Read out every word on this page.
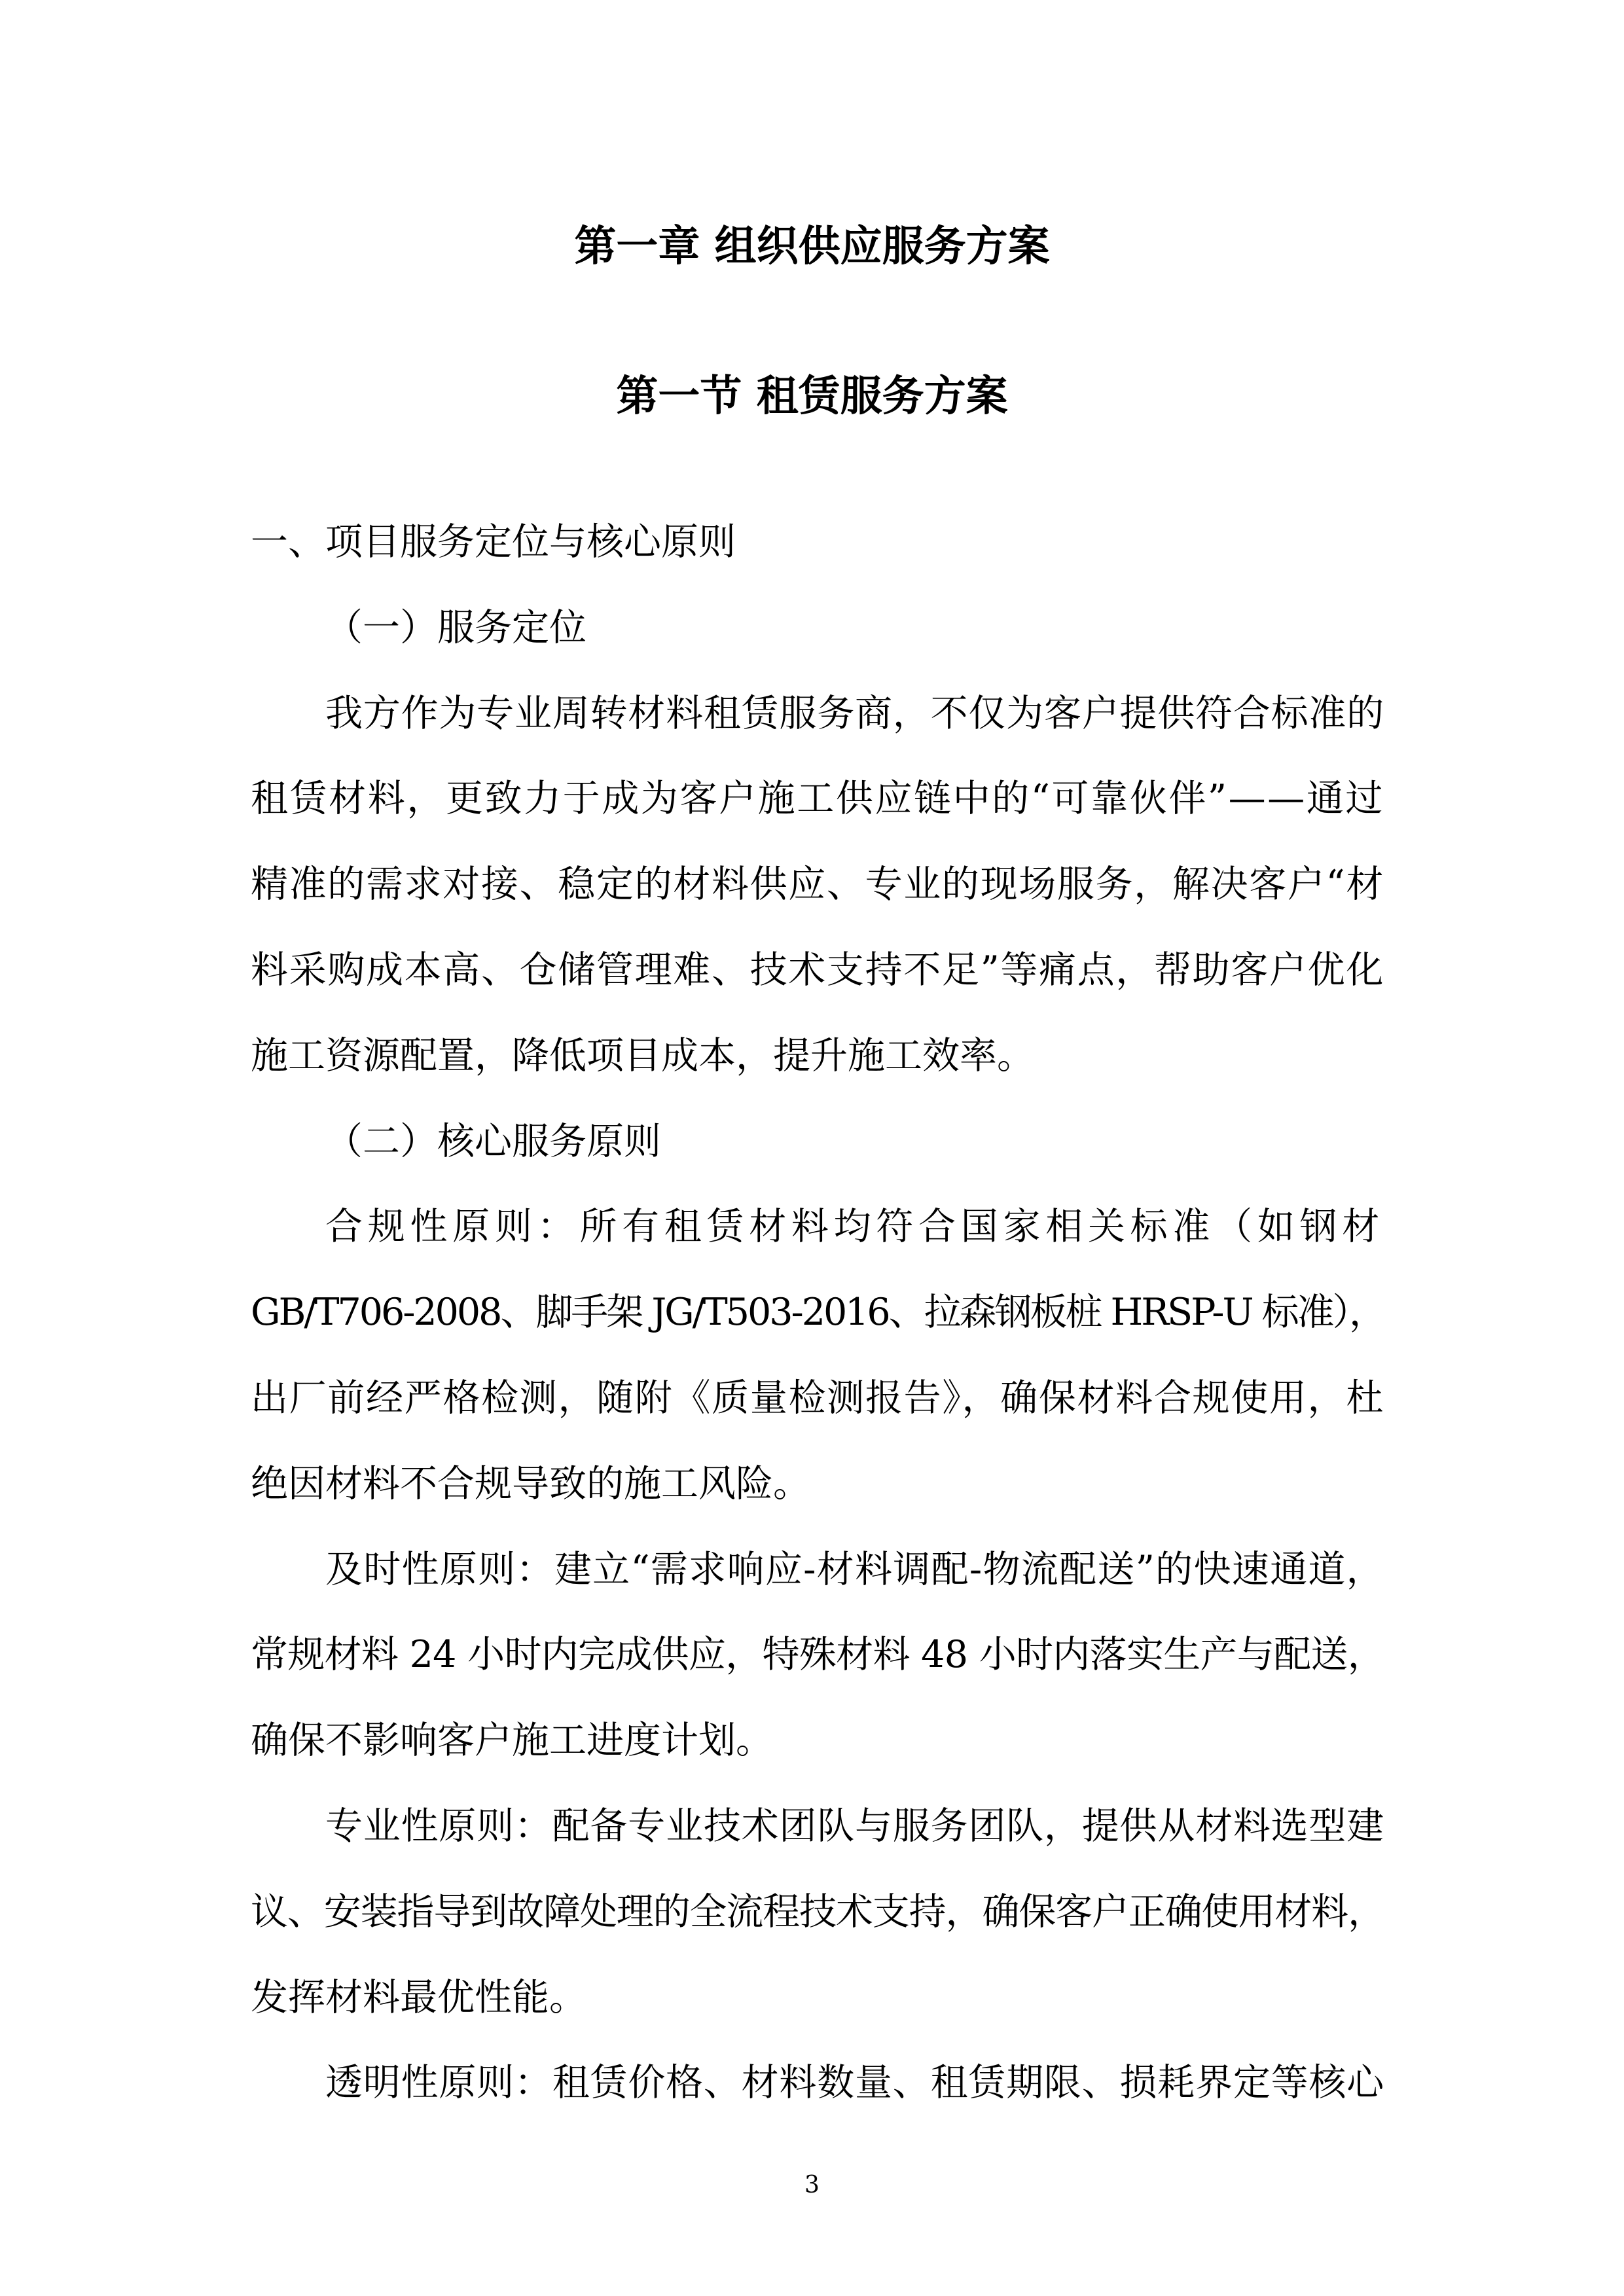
第一章 组织供应服务方案
第一节 租赁服务方案
一、项目服务定位与核心原则
（一）服务定位
我方作为专业周转材料租赁服务商，不仅为客户提供符合标准的
租赁材料，更致力于成为客户施工供应链中的“可靠伙伴”——通过
精准的需求对接、稳定的材料供应、专业的现场服务，解决客户“材
料采购成本高、仓储管理难、技术支持不足”等痛点，帮助客户优化
施工资源配置，降低项目成本，提升施工效率。
（二）核心服务原则
合规性原则：所有租赁材料均符合国家相关标准（如钢材
GB/T706-2008、脚手架 JG/T503-2016、拉森钢板桩 HRSP-U 标准），
出厂前经严格检测，随附《质量检测报告》，确保材料合规使用，杜
绝因材料不合规导致的施工风险。
及时性原则：建立“需求响应-材料调配-物流配送”的快速通道，
常规材料 24 小时内完成供应，特殊材料 48 小时内落实生产与配送，
确保不影响客户施工进度计划。
专业性原则：配备专业技术团队与服务团队，提供从材料选型建
议、安装指导到故障处理的全流程技术支持，确保客户正确使用材料，
发挥材料最优性能。
透明性原则：租赁价格、材料数量、租赁期限、损耗界定等核心
3
